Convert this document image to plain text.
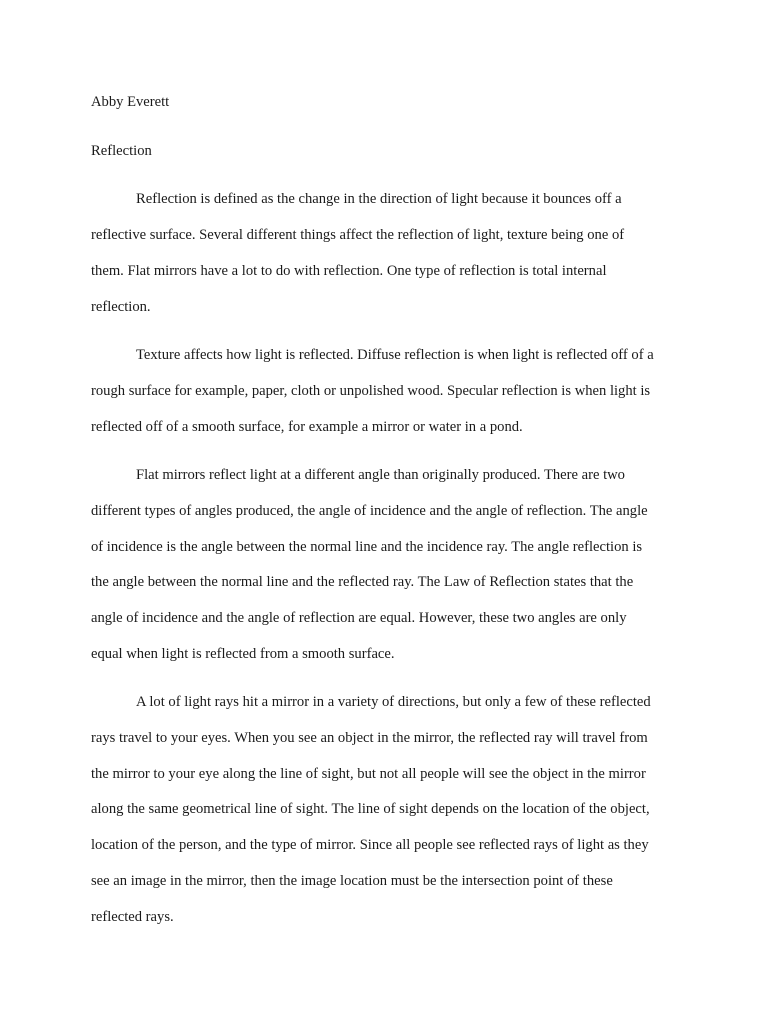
Abby Everett
Reflection
Reflection is defined as the change in the direction of light because it bounces off a
reflective surface. Several different things affect the reflection of light, texture being one of
them. Flat mirrors have a lot to do with reflection. One type of reflection is total internal
reflection.
Texture affects how light is reflected. Diffuse reflection is when light is reflected off of a
rough surface for example, paper, cloth or unpolished wood. Specular reflection is when light is
reflected off of a smooth surface, for example a mirror or water in a pond.
Flat mirrors reflect light at a different angle than originally produced. There are two
different types of angles produced, the angle of incidence and the angle of reflection. The angle
of incidence is the angle between the normal line and the incidence ray. The angle reflection is
the angle between the normal line and the reflected ray. The Law of Reflection states that the
angle of incidence and the angle of reflection are equal. However, these two angles are only
equal when light is reflected from a smooth surface.
A lot of light rays hit a mirror in a variety of directions, but only a few of these reflected
rays travel to your eyes. When you see an object in the mirror, the reflected ray will travel from
the mirror to your eye along the line of sight, but not all people will see the object in the mirror
along the same geometrical line of sight. The line of sight depends on the location of the object,
location of the person, and the type of mirror. Since all people see reflected rays of light as they
see an image in the mirror, then the image location must be the intersection point of these
reflected rays.
